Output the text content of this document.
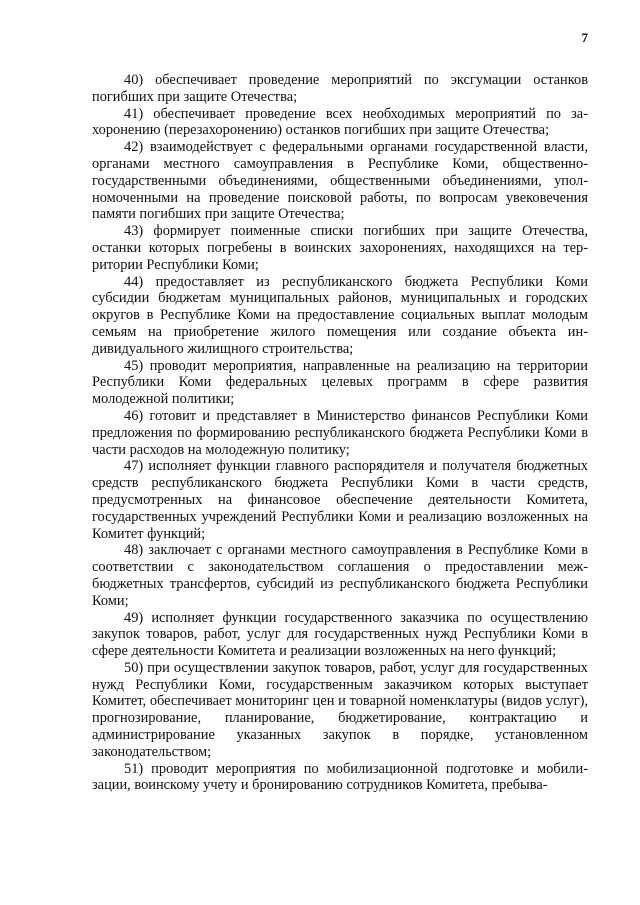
7

40) обеспечивает проведение мероприятий по эксгумации останков погибших при защите Отечества;

41) обеспечивает проведение всех необходимых мероприятий по захоронению (перезахоронению) останков погибших при защите Отечества;

42) взаимодействует с федеральными органами государственной власти, органами местного самоуправления в Республике Коми, общественно-государственными объединениями, общественными объединениями, уполномоченными на проведение поисковой работы, по вопросам увековечения памяти погибших при защите Отечества;

43) формирует поименные списки погибших при защите Отечества, останки которых погребены в воинских захоронениях, находящихся на территории Республики Коми;

44) предоставляет из республиканского бюджета Республики Коми субсидии бюджетам муниципальных районов, муниципальных и городских округов в Республике Коми на предоставление социальных выплат молодым семьям на приобретение жилого помещения или создание объекта индивидуального жилищного строительства;

45) проводит мероприятия, направленные на реализацию на территории Республики Коми федеральных целевых программ в сфере развития молодежной политики;

46) готовит и представляет в Министерство финансов Республики Коми предложения по формированию республиканского бюджета Республики Коми в части расходов на молодежную политику;

47) исполняет функции главного распорядителя и получателя бюджетных средств республиканского бюджета Республики Коми в части средств, предусмотренных на финансовое обеспечение деятельности Комитета, государственных учреждений Республики Коми и реализацию возложенных на Комитет функций;

48) заключает с органами местного самоуправления в Республике Коми в соответствии с законодательством соглашения о предоставлении межбюджетных трансфертов, субсидий из республиканского бюджета Республики Коми;

49) исполняет функции государственного заказчика по осуществлению закупок товаров, работ, услуг для государственных нужд Республики Коми в сфере деятельности Комитета и реализации возложенных на него функций;

50) при осуществлении закупок товаров, работ, услуг для государственных нужд Республики Коми, государственным заказчиком которых выступает Комитет, обеспечивает мониторинг цен и товарной номенклатуры (видов услуг), прогнозирование, планирование, бюджетирование, контрактацию и администрирование указанных закупок в порядке, установленном законодательством;

51) проводит мероприятия по мобилизационной подготовке и мобилизации, воинскому учету и бронированию сотрудников Комитета, пребыва-
